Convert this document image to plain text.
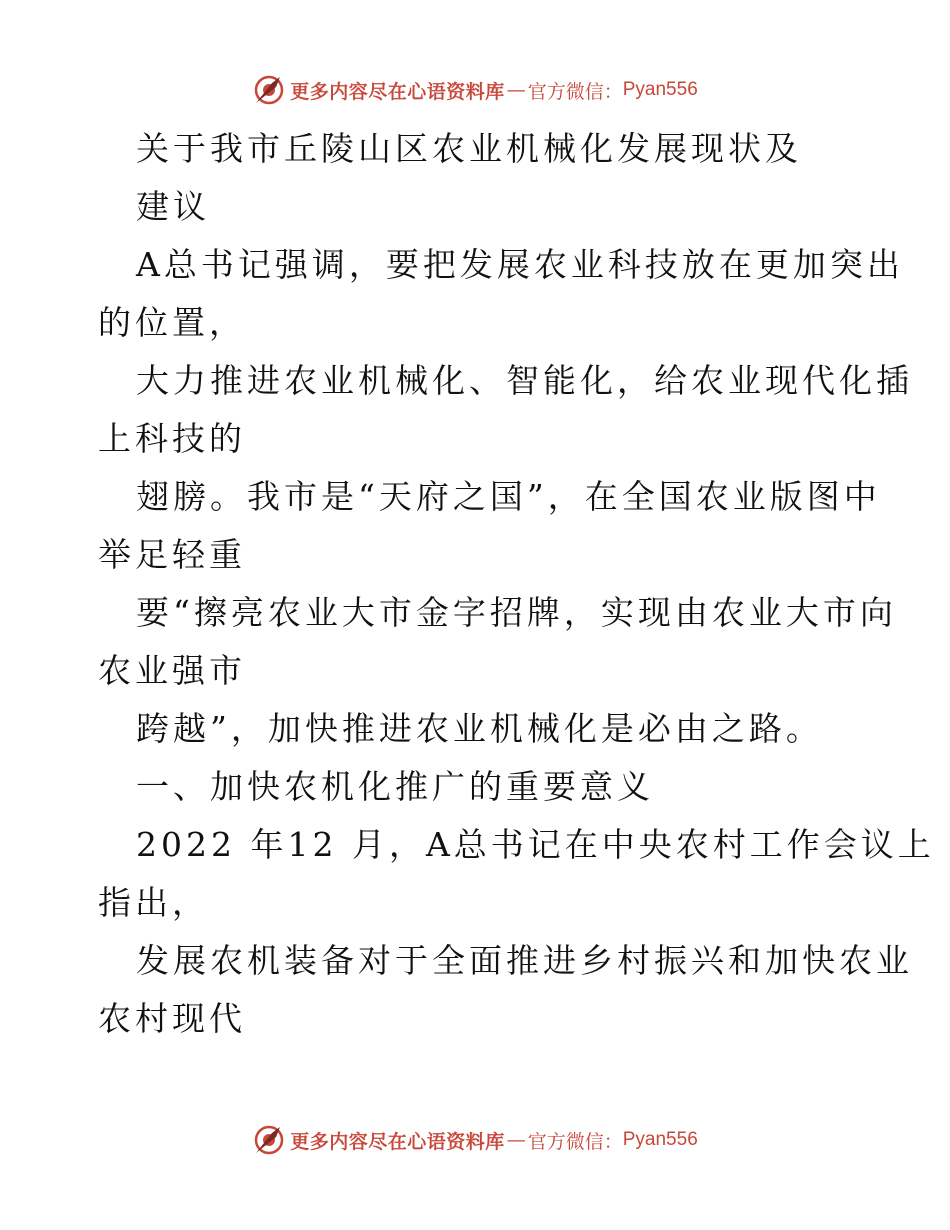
更多内容尽在心语资料库 — 官方微信： Pyan556
关于我市丘陵山区农业机械化发展现状及
建议
A总书记强调，要把发展农业科技放在更加突出
的位置，
大力推进农业机械化、智能化，给农业现代化插
上科技的
翅膀。我市是“天府之国”，在全国农业版图中
举足轻重
要“擦亮农业大市金字招牌，实现由农业大市向
农业强市
跨越”，加快推进农业机械化是必由之路。
一、加快农机化推广的重要意义
2022 年12 月，A总书记在中央农村工作会议上
指出，
发展农机装备对于全面推进乡村振兴和加快农业
农村现代
更多内容尽在心语资料库 — 官方微信： Pyan556
